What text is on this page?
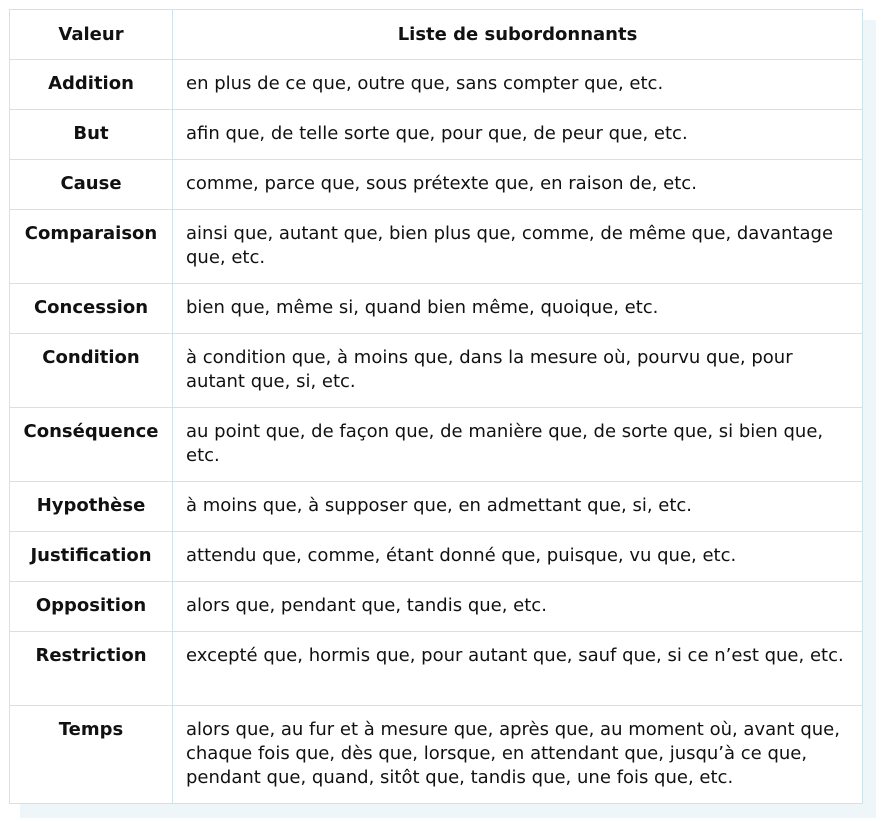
Valeur	Liste de subordonnants
Addition	en plus de ce que, outre que, sans compter que, etc.
But	afin que, de telle sorte que, pour que, de peur que, etc.
Cause	comme, parce que, sous prétexte que, en raison de, etc.
Comparaison	ainsi que, autant que, bien plus que, comme, de même que, davantage que, etc.
Concession	bien que, même si, quand bien même, quoique, etc.
Condition	à condition que, à moins que, dans la mesure où, pourvu que, pour autant que, si, etc.
Conséquence	au point que, de façon que, de manière que, de sorte que, si bien que, etc.
Hypothèse	à moins que, à supposer que, en admettant que, si, etc.
Justification	attendu que, comme, étant donné que, puisque, vu que, etc.
Opposition	alors que, pendant que, tandis que, etc.
Restriction	excepté que, hormis que, pour autant que, sauf que, si ce n’est que, etc.
Temps	alors que, au fur et à mesure que, après que, au moment où, avant que, chaque fois que, dès que, lorsque, en attendant que, jusqu’à ce que, pendant que, quand, sitôt que, tandis que, une fois que, etc.
